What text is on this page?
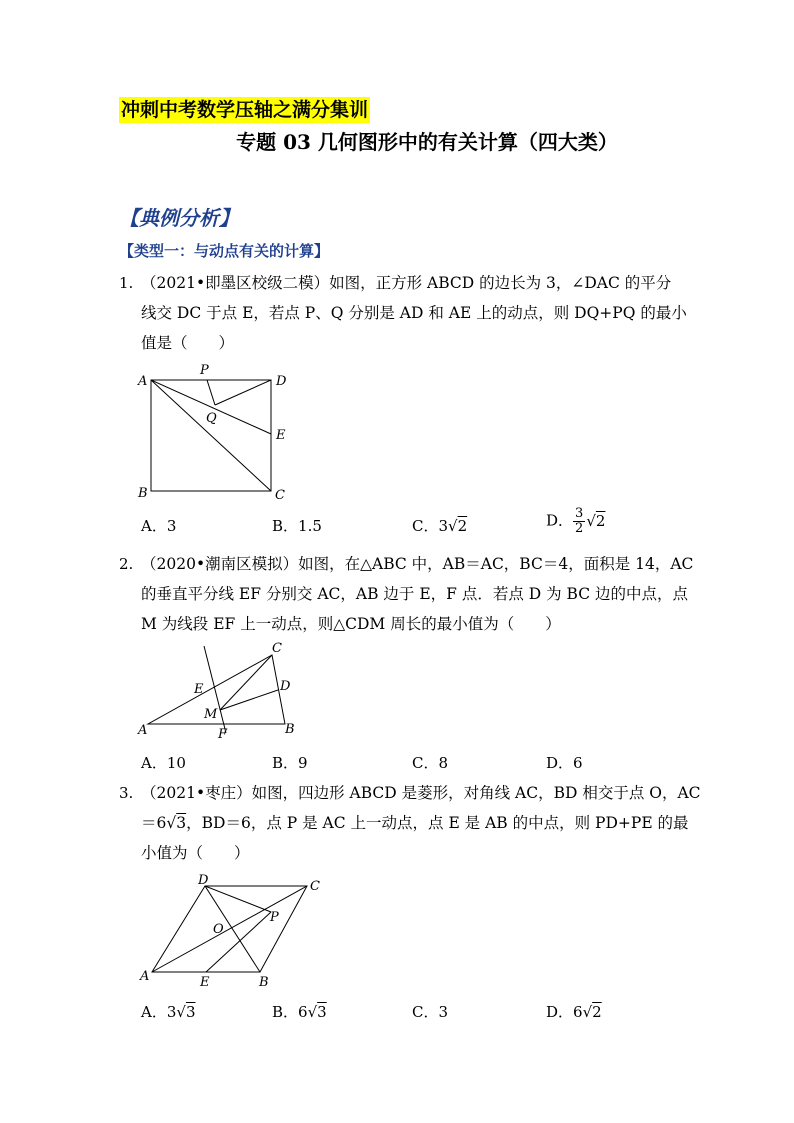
冲刺中考数学压轴之满分集训
专题 03 几何图形中的有关计算（四大类）
【典例分析】
【类型一：与动点有关的计算】
1. （2021•即墨区校级二模）如图，正方形 ABCD 的边长为 3，∠DAC 的平分
线交 DC 于点 E，若点 P、Q 分别是 AD 和 AE 上的动点，则 DQ+PQ 的最小
值是（　　）
A
P
D
Q
E
B	C
A．3	B．1.5	C．3√2	D． $\frac{3}{2} √2$
2. （2020•潮南区模拟）如图，在△ABC 中，AB＝AC，BC＝4，面积是 14，AC
的垂直平分线 EF 分别交 AC，AB 边于 E，F 点．若点 D 为 BC 边的中点，点
M 为线段 EF 上一动点，则△CDM 周长的最小值为（　　）
C
E	D
M
A	F	B
A．10	B．9	C．8	D．6
3. （2021•枣庄）如图，四边形 ABCD 是菱形，对角线 AC，BD 相交于点 O，AC
＝6√3，BD＝6，点 P 是 AC 上一动点，点 E 是 AB 的中点，则 PD+PE 的最
小值为（　　）
D	C
P
O
A	E	B
A．3√3	B．6√3	C．3	D．6√2
